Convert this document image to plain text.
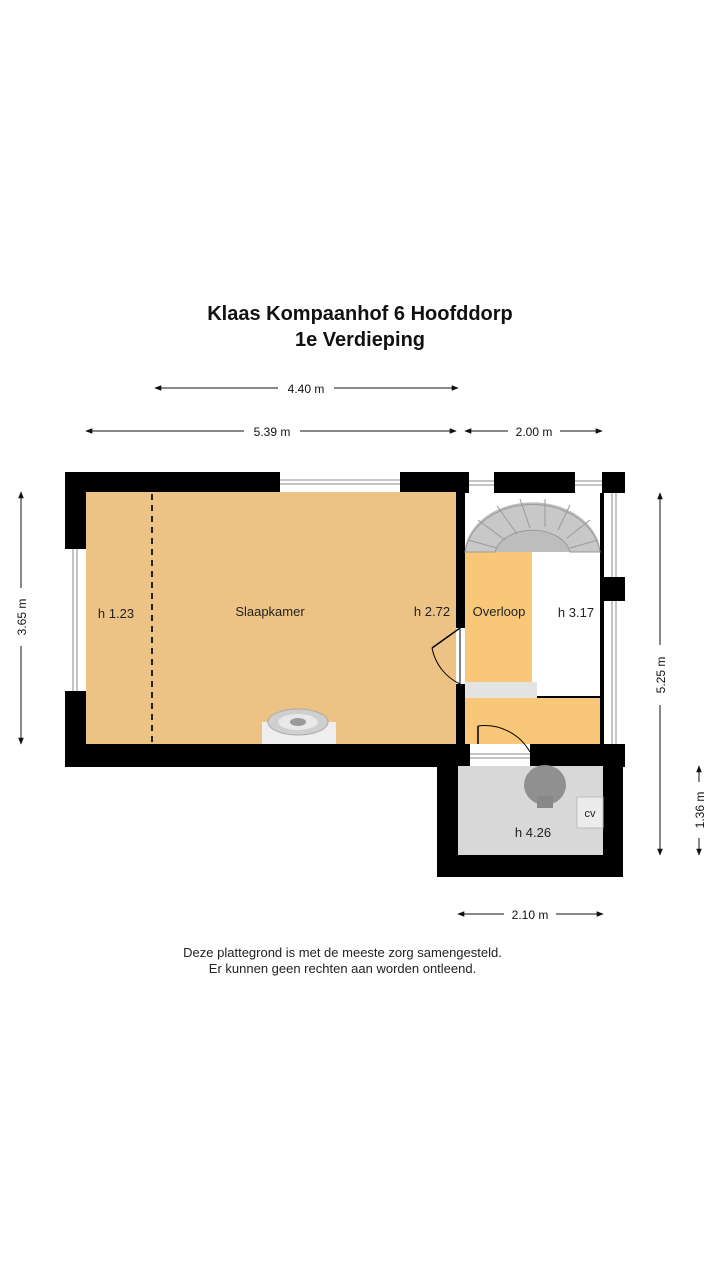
Klaas Kompaanhof 6 Hoofddorp
1e Verdieping
Slaapkamer
h 1.23	h 2.72 Overloop	h 3.17
h 4.26
cv
4.40 m
5.39 m	2.00 m
3.65 m
5.25 m
1.36 m
2.10 m
Deze plattegrond is met de meeste zorg samengesteld.
Er kunnen geen rechten aan worden ontleend.
